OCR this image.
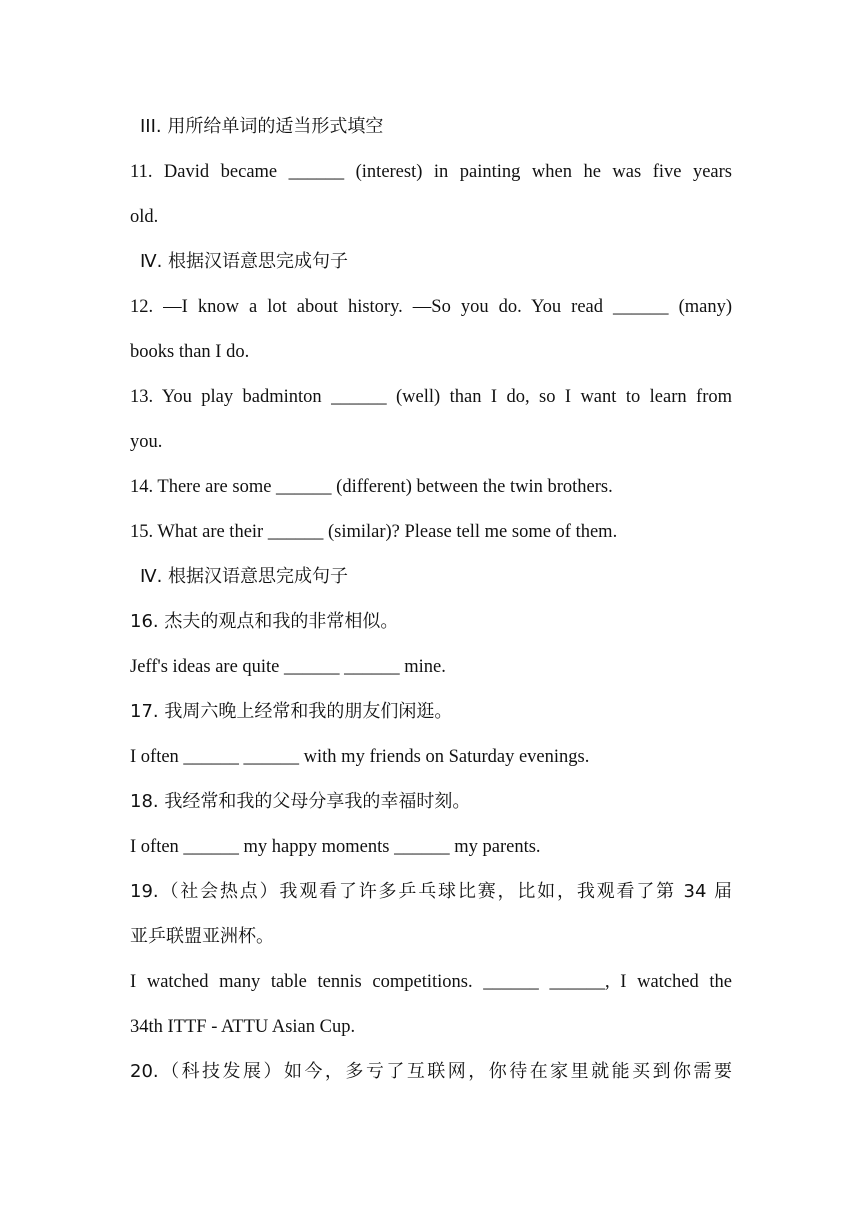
III. 用所给单词的适当形式填空
11. David became ______ (interest) in painting when he was five years
old.
Ⅳ. 根据汉语意思完成句子
12. —I know a lot about history. —So you do. You read ______ (many)
books than I do.
13. You play badminton ______ (well) than I do, so I want to learn from
you.
14. There are some ______ (different) between the twin brothers.
15. What are their ______ (similar)? Please tell me some of them.
Ⅳ. 根据汉语意思完成句子
16. 杰夫的观点和我的非常相似。
Jeff's ideas are quite ______ ______ mine.
17. 我周六晚上经常和我的朋友们闲逛。
I often ______ ______ with my friends on Saturday evenings.
18. 我经常和我的父母分享我的幸福时刻。
I often ______ my happy moments ______ my parents.
19.（社会热点）我观看了许多乒乓球比赛，比如，我观看了第 34 届
亚乒联盟亚洲杯。
I watched many table tennis competitions. ______ ______, I watched the
34th ITTF - ATTU Asian Cup.
20.（科技发展）如今，多亏了互联网，你待在家里就能买到你需要
